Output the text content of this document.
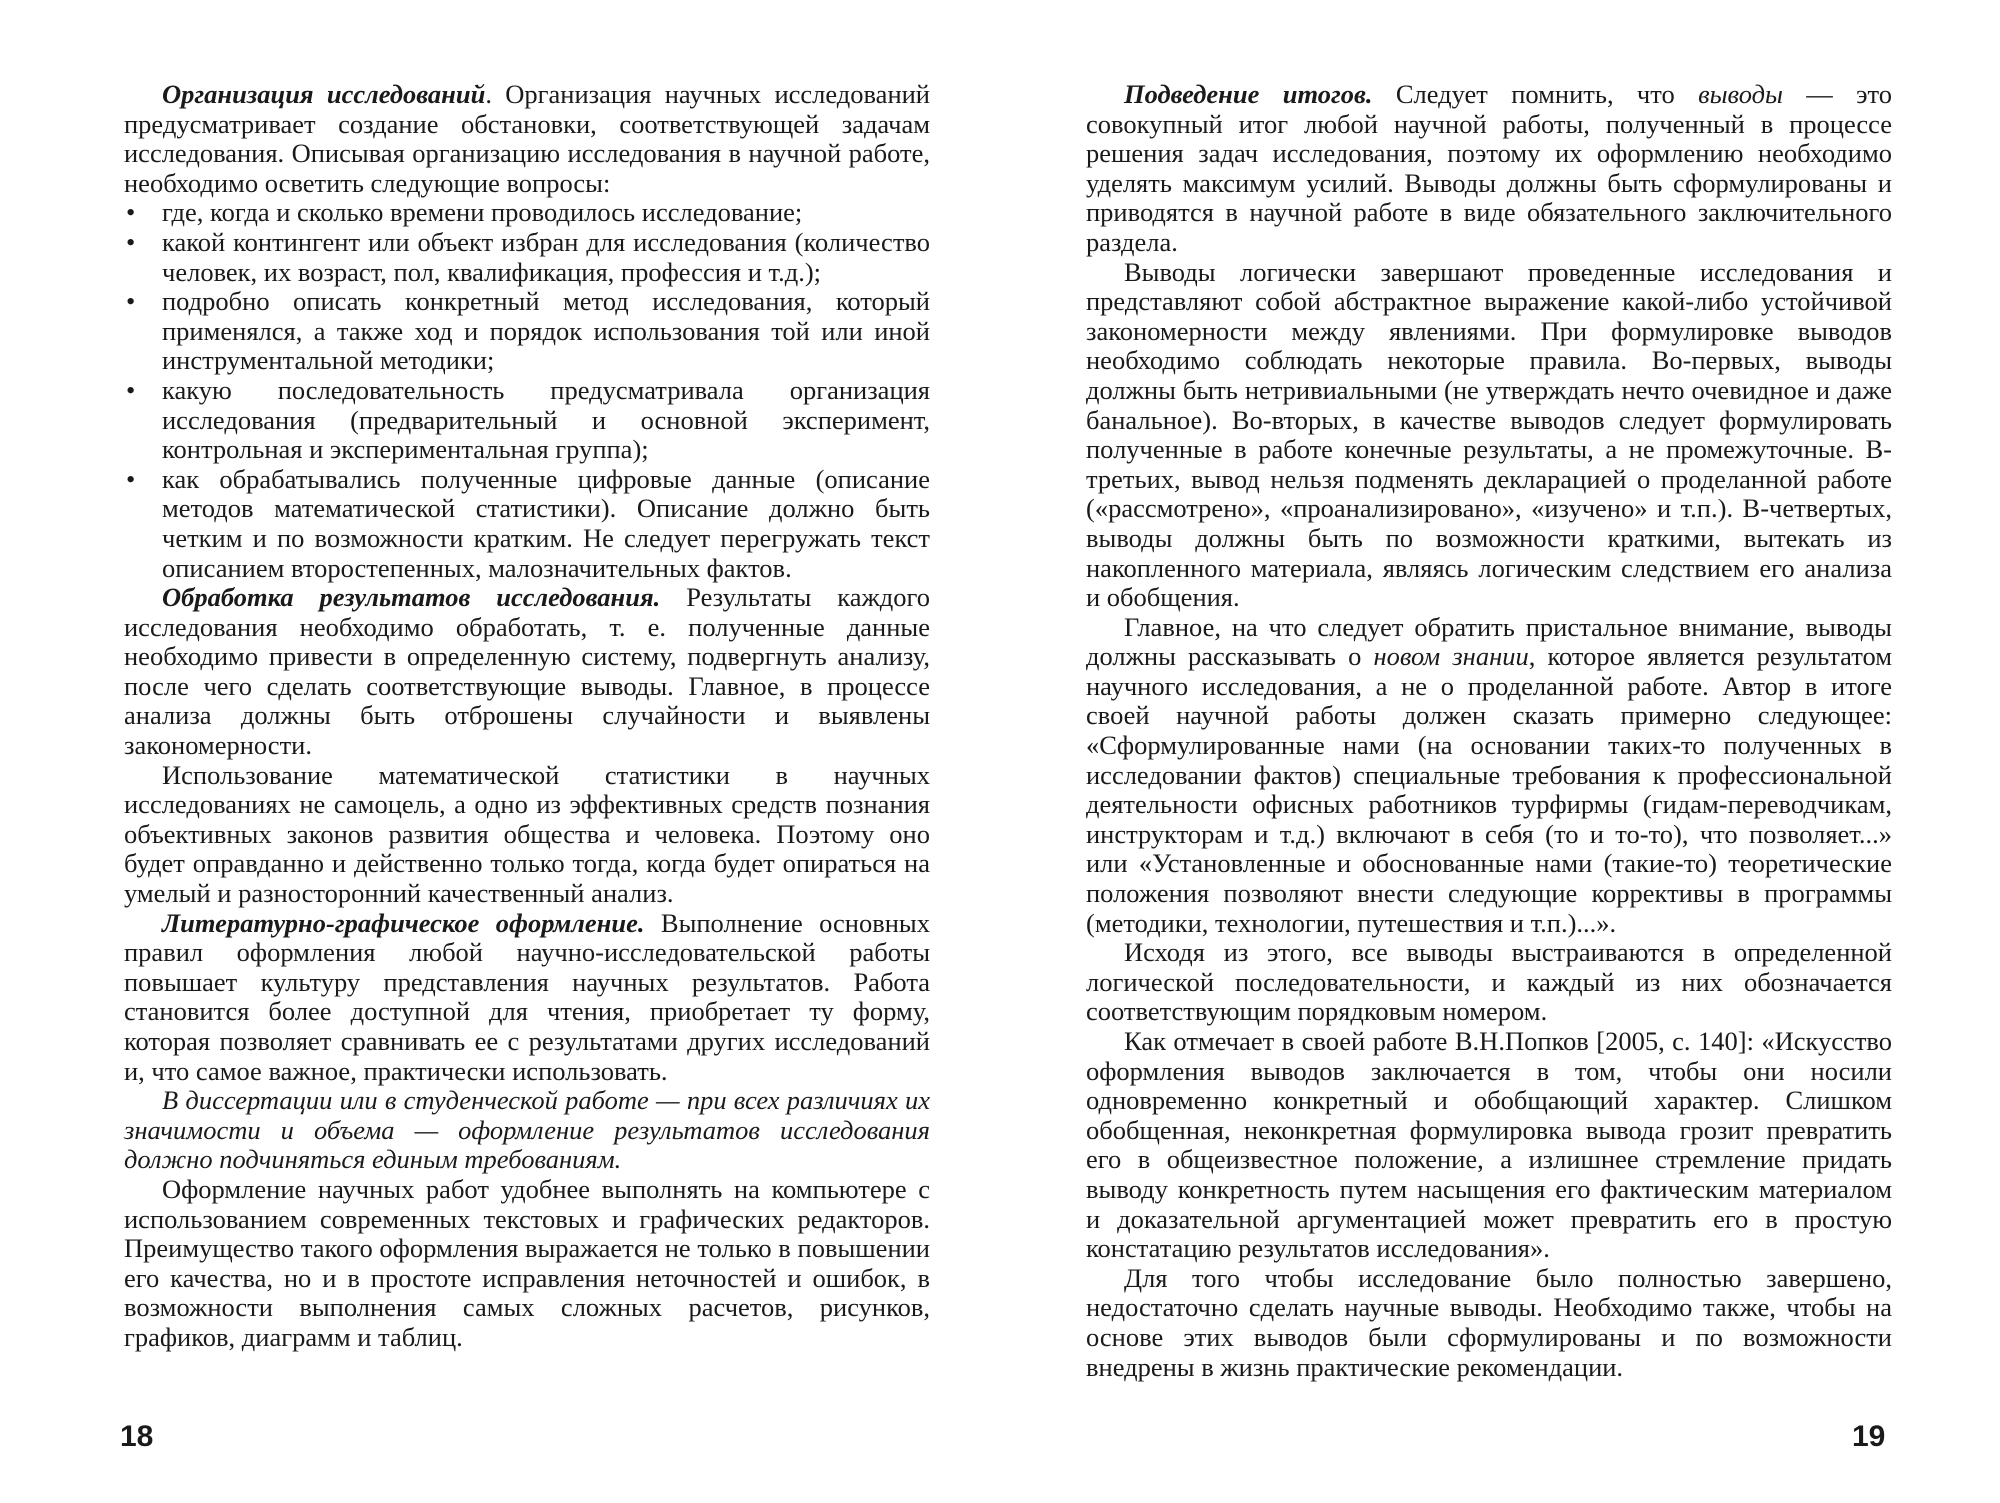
Организация исследований. Организация научных исследований предусматривает создание обстановки, соответствующей задачам исследования. Описывая организацию исследования в научной работе, необходимо осветить следующие вопросы:

• где, когда и сколько времени проводилось исследование;
• какой контингент или объект избран для исследования (количество человек, их возраст, пол, квалификация, профессия и т.д.);
• подробно описать конкретный метод исследования, который применялся, а также ход и порядок использования той или иной инструментальной методики;
• какую последовательность предусматривала организация исследования (предварительный и основной эксперимент, контрольная и экспериментальная группа);
• как обрабатывались полученные цифровые данные (описание методов математической статистики). Описание должно быть четким и по возможности кратким. Не следует перегружать текст описанием второстепенных, малозначительных фактов.

Обработка результатов исследования. Результаты каждого исследования необходимо обработать, т. е. полученные данные необходимо привести в определенную систему, подвергнуть анализу, после чего сделать соответствующие выводы. Главное, в процессе анализа должны быть отброшены случайности и выявлены закономерности.

Использование математической статистики в научных исследованиях не самоцель, а одно из эффективных средств познания объективных законов развития общества и человека. Поэтому оно будет оправданно и действенно только тогда, когда будет опираться на умелый и разносторонний качественный анализ.

Литературно-графическое оформление. Выполнение основных правил оформления любой научно-исследовательской работы повышает культуру представления научных результатов. Работа становится более доступной для чтения, приобретает ту форму, которая позволяет сравнивать ее с результатами других исследований и, что самое важное, практически использовать.

В диссертации или в студенческой работе — при всех различиях их значимости и объема — оформление результатов исследования должно подчиняться единым требованиям.

Оформление научных работ удобнее выполнять на компьютере с использованием современных текстовых и графических редакторов. Преимущество такого оформления выражается не только в повышении его качества, но и в простоте исправления неточностей и ошибок, в возможности выполнения самых сложных расчетов, рисунков, графиков, диаграмм и таблиц.

Подведение итогов. Следует помнить, что выводы — это совокупный итог любой научной работы, полученный в процессе решения задач исследования, поэтому их оформлению необходимо уделять максимум усилий. Выводы должны быть сформулированы и приводятся в научной работе в виде обязательного заключительного раздела.

Выводы логически завершают проведенные исследования и представляют собой абстрактное выражение какой-либо устойчивой закономерности между явлениями. При формулировке выводов необходимо соблюдать некоторые правила. Во-первых, выводы должны быть нетривиальными (не утверждать нечто очевидное и даже банальное). Во-вторых, в качестве выводов следует формулировать полученные в работе конечные результаты, а не промежуточные. В-третьих, вывод нельзя подменять декларацией о проделанной работе («рассмотрено», «проанализировано», «изучено» и т.п.). В-четвертых, выводы должны быть по возможности краткими, вытекать из накопленного материала, являясь логическим следствием его анализа и обобщения.

Главное, на что следует обратить пристальное внимание, выводы должны рассказывать о новом знании, которое является результатом научного исследования, а не о проделанной работе. Автор в итоге своей научной работы должен сказать примерно следующее: «Сформулированные нами (на основании таких-то полученных в исследовании фактов) специальные требования к профессиональной деятельности офисных работников турфирмы (гидам-переводчикам, инструкторам и т.д.) включают в себя (то и то-то), что позволяет...» или «Установленные и обоснованные нами (такие-то) теоретические положения позволяют внести следующие коррективы в программы (методики, технологии, путешествия и т.п.)...».

Исходя из этого, все выводы выстраиваются в определенной логической последовательности, и каждый из них обозначается соответствующим порядковым номером.

Как отмечает в своей работе В.Н.Попков [2005, с. 140]: «Искусство оформления выводов заключается в том, чтобы они носили одновременно конкретный и обобщающий характер. Слишком обобщенная, неконкретная формулировка вывода грозит превратить его в общеизвестное положение, а излишнее стремление придать выводу конкретность путем насыщения его фактическим материалом и доказательной аргументацией может превратить его в простую констатацию результатов исследования».

Для того чтобы исследование было полностью завершено, недостаточно сделать научные выводы. Необходимо также, чтобы на основе этих выводов были сформулированы и по возможности внедрены в жизнь практические рекомендации.

18	19
